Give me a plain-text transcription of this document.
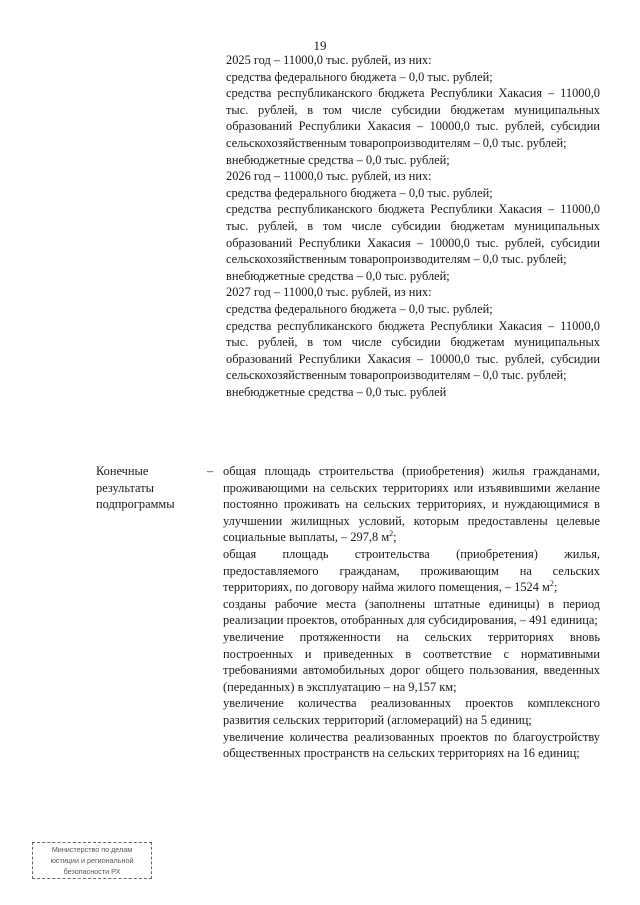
19

2025 год – 11000,0 тыс. рублей, из них:

средства федерального бюджета – 0,0 тыс. рублей;

средства республиканского бюджета Республики Хакасия – 11000,0 тыс. рублей, в том числе субсидии бюджетам муниципальных образований Республики Хакасия – 10000,0 тыс. рублей, субсидии сельскохозяйственным товаропроизводителям – 0,0 тыс. рублей;

внебюджетные средства – 0,0 тыс. рублей;

2026 год – 11000,0 тыс. рублей, из них:

средства федерального бюджета – 0,0 тыс. рублей;

средства республиканского бюджета Республики Хакасия – 11000,0 тыс. рублей, в том числе субсидии бюджетам муниципальных образований Республики Хакасия – 10000,0 тыс. рублей, субсидии сельскохозяйственным товаропроизводителям – 0,0 тыс. рублей;

внебюджетные средства – 0,0 тыс. рублей;

2027 год – 11000,0 тыс. рублей, из них:

средства федерального бюджета – 0,0 тыс. рублей;

средства республиканского бюджета Республики Хакасия – 11000,0 тыс. рублей, в том числе субсидии бюджетам муниципальных образований Республики Хакасия – 10000,0 тыс. рублей, субсидии сельскохозяйственным товаропроизводителям – 0,0 тыс. рублей;

внебюджетные средства – 0,0 тыс. рублей

Конечные результаты подпрограммы
– общая площадь строительства (приобретения) жилья гражданами, проживающими на сельских территориях или изъявившими желание постоянно проживать на сельских территориях, и нуждающимися в улучшении жилищных условий, которым предоставлены целевые социальные выплаты, – 297,8 $м^2$;

общая площадь строительства (приобретения) жилья, предоставляемого гражданам, проживающим на сельских территориях, по договору найма жилого помещения, – 1524 $м^2$;

созданы рабочие места (заполнены штатные единицы) в период реализации проектов, отобранных для субсидирования, – 491 единица;

увеличение протяженности на сельских территориях вновь построенных и приведенных в соответствие с нормативными требованиями автомобильных дорог общего пользования, введенных (переданных) в эксплуатацию – на 9,157 км;

увеличение количества реализованных проектов комплексного развития сельских территорий (агломераций) на 5 единиц;

увеличение количества реализованных проектов по благоустройству общественных пространств на сельских территориях на 16 единиц;

Министерство по делам
юстиции и региональной
безопасности РХ
